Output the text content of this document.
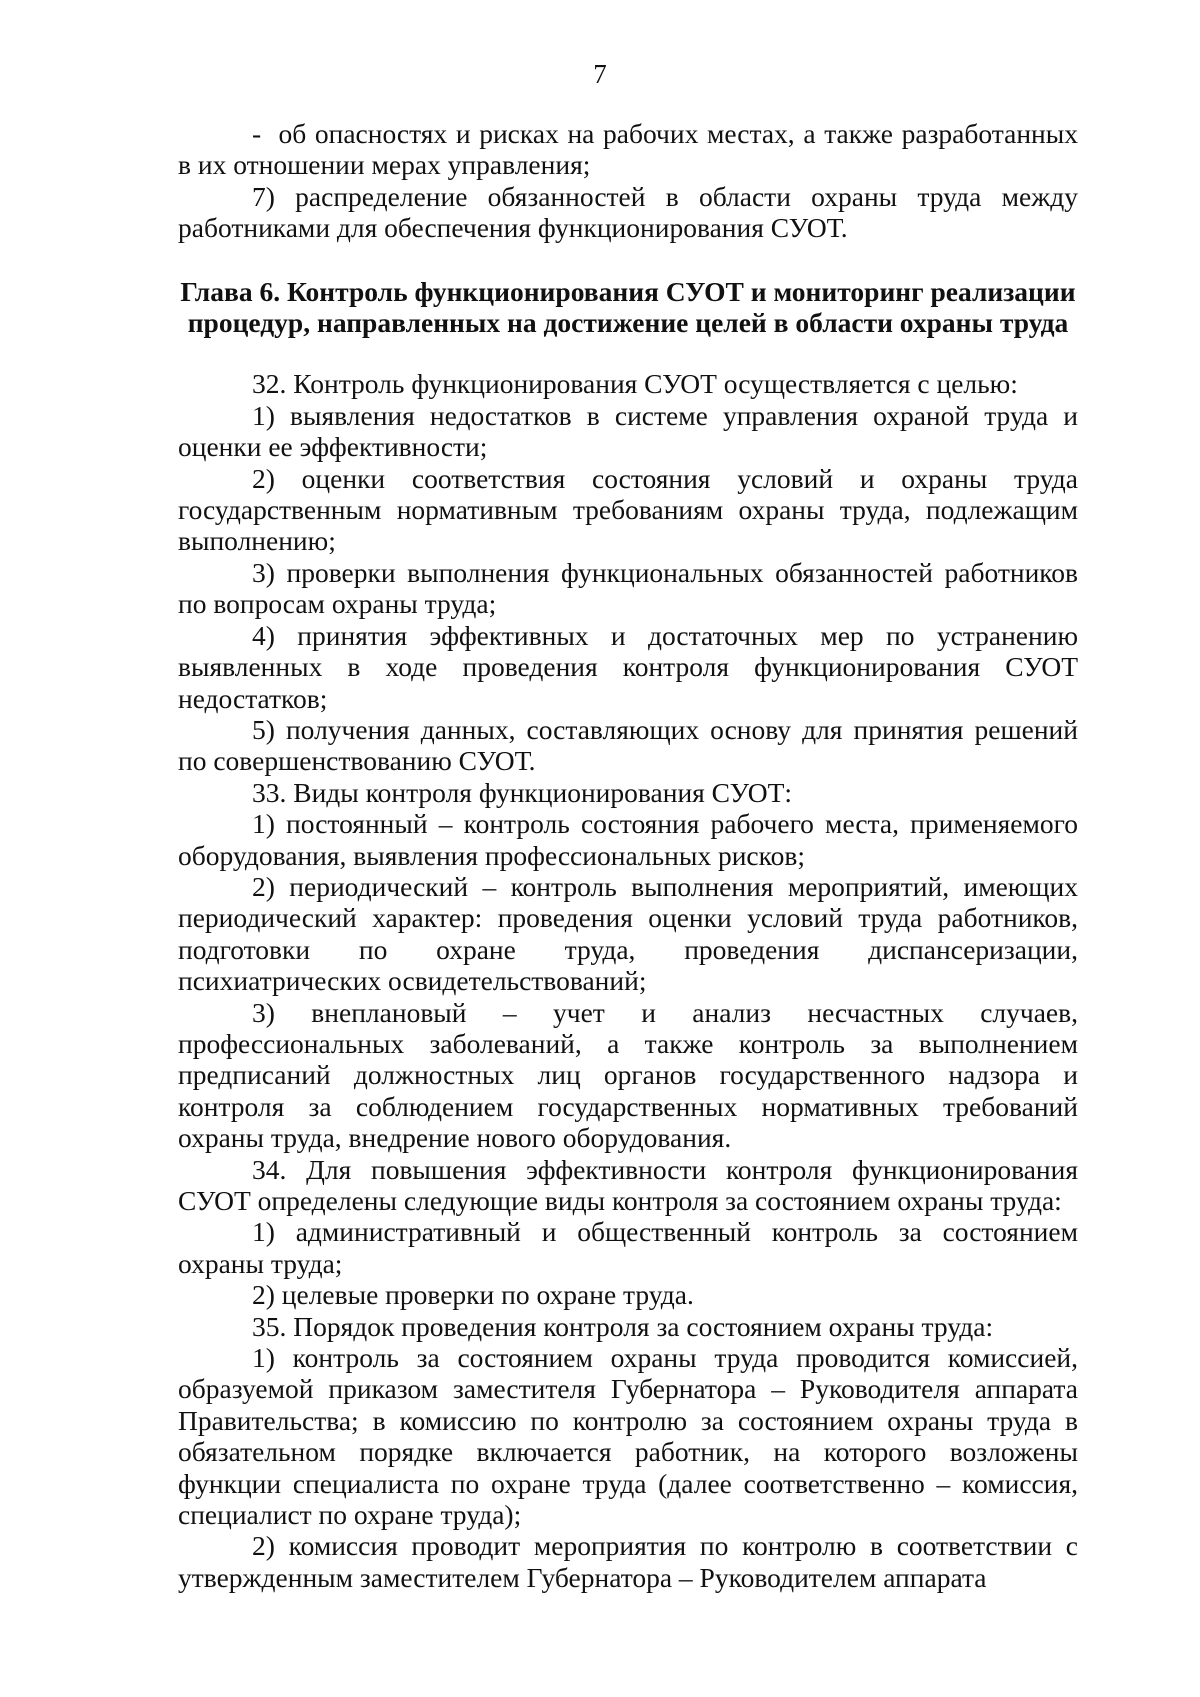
7

-  об опасностях и рисках на рабочих местах, а также разработанных в их отношении мерах управления;

7) распределение обязанностей в области охраны труда между работниками для обеспечения функционирования СУОТ.

Глава 6. Контроль функционирования СУОТ и мониторинг реализации
процедур, направленных на достижение целей в области охраны труда

32. Контроль функционирования СУОТ осуществляется с целью:

1) выявления недостатков в системе управления охраной труда и оценки ее эффективности;

2) оценки соответствия состояния условий и охраны труда государственным нормативным требованиям охраны труда, подлежащим выполнению;

3) проверки выполнения функциональных обязанностей работников по вопросам охраны труда;

4) принятия эффективных и достаточных мер по устранению выявленных в ходе проведения контроля функционирования СУОТ недостатков;

5) получения данных, составляющих основу для принятия решений по совершенствованию СУОТ.

33. Виды контроля функционирования СУОТ:

1) постоянный – контроль состояния рабочего места, применяемого оборудования, выявления профессиональных рисков;

2) периодический – контроль выполнения мероприятий, имеющих периодический характер: проведения оценки условий труда работников, подготовки по охране труда, проведения диспансеризации, психиатрических освидетельствований;

3) внеплановый – учет и анализ несчастных случаев, профессиональных заболеваний, а также контроль за выполнением предписаний должностных лиц органов государственного надзора и контроля за соблюдением государственных нормативных требований охраны труда, внедрение нового оборудования.

34. Для повышения эффективности контроля функционирования СУОТ определены следующие виды контроля за состоянием охраны труда:

1) административный и общественный контроль за состоянием охраны труда;

2) целевые проверки по охране труда.

35. Порядок проведения контроля за состоянием охраны труда:

1) контроль за состоянием охраны труда проводится комиссией, образуемой приказом заместителя Губернатора – Руководителя аппарата Правительства; в комиссию по контролю за состоянием охраны труда в обязательном порядке включается работник, на которого возложены функции специалиста по охране труда (далее соответственно – комиссия, специалист по охране труда);

2) комиссия проводит мероприятия по контролю в соответствии с утвержденным заместителем Губернатора – Руководителем аппарата
